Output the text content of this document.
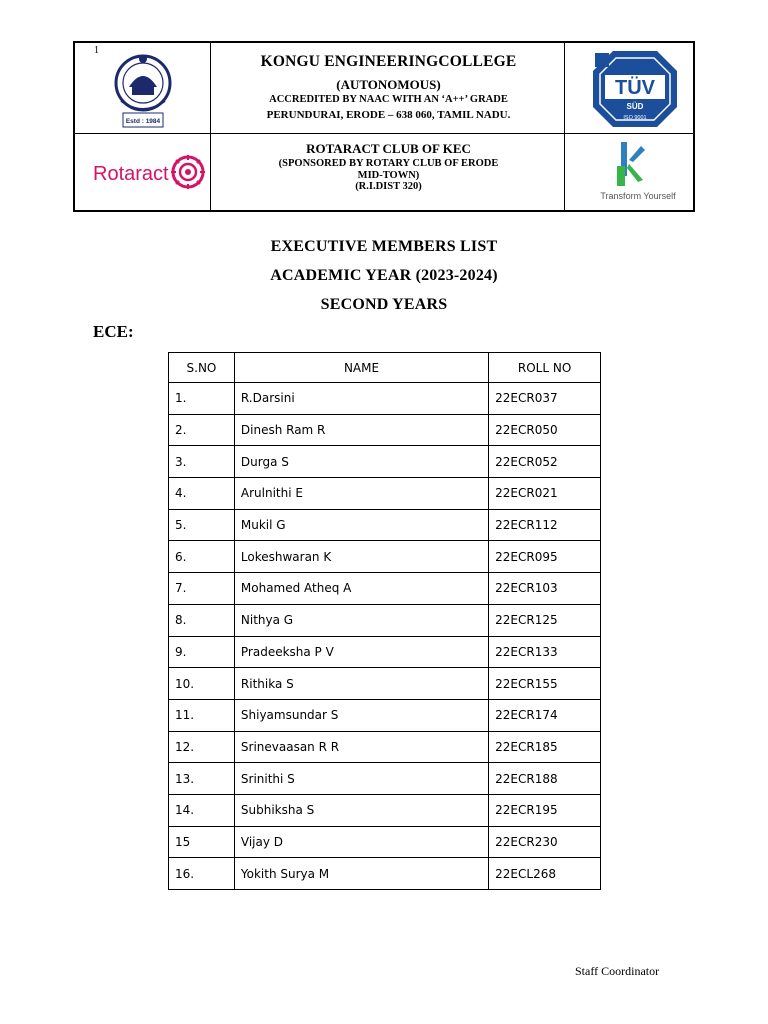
1
Estd : 1984
KONGU ENGINEERINGCOLLEGE
(AUTONOMOUS)
ACCREDITED BY NAAC WITH AN ‘A++’ GRADE
PERUNDURAI, ERODE – 638 060, TAMIL NADU.
TÜV
SÜD
ISO 9001
Rotaract
ROTARACT CLUB OF KEC
(SPONSORED BY ROTARY CLUB OF ERODE
MID-TOWN)
(R.I.DIST 320)
Transform Yourself
EXECUTIVE MEMBERS LIST
ACADEMIC YEAR (2023-2024)
SECOND YEARS
ECE:
S.NO	NAME	ROLL NO
1.	R.Darsini	22ECR037
2.	Dinesh Ram R	22ECR050
3.	Durga S	22ECR052
4.	Arulnithi E	22ECR021
5.	Mukil G	22ECR112
6.	Lokeshwaran K	22ECR095
7.	Mohamed Atheq A	22ECR103
8.	Nithya G	22ECR125
9.	Pradeeksha P V	22ECR133
10.	Rithika S	22ECR155
11.	Shiyamsundar S	22ECR174
12.	Srinevaasan R R	22ECR185
13.	Srinithi S	22ECR188
14.	Subhiksha S	22ECR195
15	Vijay D	22ECR230
16.	Yokith Surya M	22ECL268
Staff Coordinator
